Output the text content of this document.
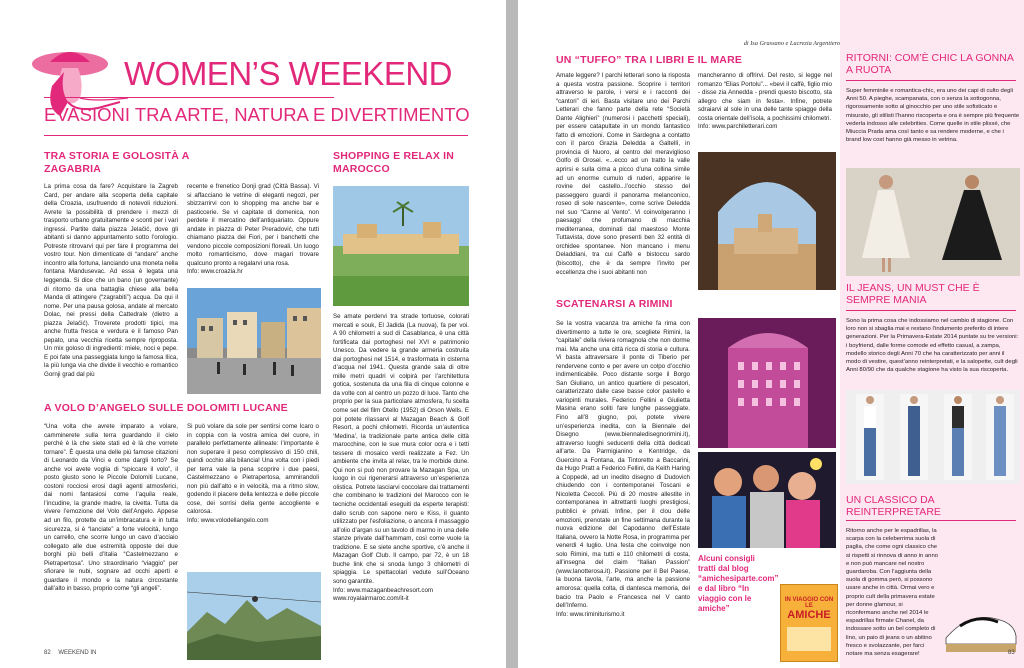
WOMEN’S WEEKEND
EVASIONI TRA ARTE, NATURA E DIVERTIMENTO
TRA STORIA E GOLOSITÀ A ZAGABRIA
La prima cosa da fare? Acquistare la Zagreb Card, per andare alla scoperta della capitale della Croazia, usufruendo di notevoli riduzioni. Avrete la possibilità di prendere i mezzi di trasporto urbano gratuitamente e sconti per i vari ingressi. Partite dalla piazza Jelačić, dove gli abitanti si danno appuntamento sotto l’orologio. Potreste ritrovarvi qui per fare il programma del vostro tour. Non dimenticate di “andare” anche incontro alla fortuna, lanciando una moneta nella fontana Mandusevac. Ad essa è legata una leggenda. Si dice che un bano (un governante) di ritorno da una battaglia chiese alla bella Manda di attingere (“zagrabiti”) acqua. Da qui il nome. Per una pausa golosa, andate al mercato Dolac, nei pressi della Cattedrale (dietro a piazza Jelačić). Troverete prodotti tipici, ma anche frutta fresca e verdura e il famoso Pan pepato, una vecchia ricetta sempre riproposta. Un mix goloso di ingredienti: miele, noci e pepe. E poi fate una passeggiata lungo la famosa Ilica, la più lunga via che divide il vecchio e romantico Gornji grad dal più

recente e frenetico Donji grad (Città Bassa). Vi si affacciano le vetrine di eleganti negozi, per sbizzarrirvi con lo shopping ma anche bar e pasticcerie. Se vi capitate di domenica, non perdete il mercatino dell’antiquariato. Oppure andate in piazza di Peter Preradović, che tutti chiamano piazza dei Fiori, per i banchetti che vendono piccole composizioni floreali. Un luogo molto romanticismo, dove magari trovare qualcuno pronto a regalarvi una rosa.

Info: www.croazia.hr
A VOLO D’ANGELO SULLE DOLOMITI LUCANE
“Una volta che avrete imparato a volare, camminerete sulla terra guardando il cielo perché è là che siete stati ed è là che vorrete tornare”. È questa una delle più famose citazioni di Leonardo da Vinci e come dargli torto? Se anche voi avete voglia di “spiccare il volo”, il posto giusto sono le Piccole Dolomiti Lucane, costoni rocciosi erosi dagli agenti atmosferici, dai nomi fantasiosi come l’aquila reale, l’incudine, la grande madre, la civetta. Tutta da vivere l’emozione del Volo dell’Angelo. Appese ad un filo, protette da un’imbracatura e in tutta sicurezza, si è “lanciate” a forte velocità, lungo un carrello, che scorre lungo un cavo d’acciaio collegato alle due estremità opposte dei due borghi più belli d’Italia “Castelmezzano e Pietrapertosa”. Uno straordinario “viaggio” per sfiorare le nubi, sognare ad occhi aperti e guardare il mondo e la natura circostante dall’alto in basso, proprio come “gli angeli”.

Si può volare da sole per sentirsi come Icaro o in coppia con la vostra amica del cuore, in parallelo perfettamente allineate: l’importante è non superare il peso complessivo di 150 chili, quindi occhio alla bilancia! Una volta con i piedi per terra vale la pena scoprire i due paesi, Castelmezzano e Pietrapertosa, ammirandoli non più dall’alto e in velocità, ma a ritmo slow, godendo il piacere della lentezza e delle piccole cose, dei sorrisi della gente accogliente e calorosa.

Info: www.volodellangelo.com
SHOPPING E RELAX IN MAROCCO

Se amate perdervi tra strade tortuose, colorati mercati e souk, El Jadida (La nuova), fa per voi. A 90 chilometri a sud di Casablanca, è una città fortificata dai portoghesi nel XVI e patrimonio Unesco. Da vedere la grande armeria costruita dai portoghesi nel 1514, e trasformata in cisterna d’acqua nel 1941. Questa grande sala di oltre mille metri quadri vi colpirà per l’architettura gotica, sostenuta da una fila di cinque colonne e da volte con al centro un pozzo di luce. Tanto che proprio per la sua particolare atmosfera, fu scelta come set del film Otello (1952) di Orson Wells. E poi potete rilassarvi al Mazagan Beach & Golf Resort, a pochi chilometri. Ricorda un’autentica ‘Medina’, la tradizionale parte antica delle città marocchine, con le sue mura color ocra e i tetti tessere di mosaico verdi realizzate a Fez. Un ambiente che invita al relax, tra le morbide dune. Qui non si può non provare la Mazagan Spa, un luogo in cui rigenerarsi attraverso un’esperienza olistica. Potrete lasciarvi coccolare dai trattamenti che combinano le tradizioni del Marocco con le tecniche occidentali eseguiti da esperte terapisti: dallo scrub con sapone nero e Kiss, il guanto utilizzato per l’esfoliazione, o ancora il massaggio all’olio d’argan su un tavolo di marmo in una delle stanze private dall’hammam, così come vuole la tradizione. E se siete anche sportive, c’è anche il Mazagan Golf Club. Il campo, par 72, è un 18 buche link che si snoda lungo 3 chilometri di spiaggia. Le spettacolari vedute sull’Oceano sono garantite.

Info: www.mazaganbeachresort.com
www.royalairmaroc.com/it-it
82 WEEKEND IN
di Isa Grassano e Lucrezia Argentiero
UN “TUFFO” TRA I LIBRI E IL MARE
Amate leggere? I parchi letterari sono la risposta a questa vostra passione. Scoprire i territori attraverso le parole, i versi e i racconti dei “cantori” di ieri. Basta visitare uno dei Parchi Letterari che fanno parte della rete “Società Dante Alighieri” (numerosi i pacchetti speciali), per essere catapultate in un mondo fantastico fatto di emozioni. Come in Sardegna a contatto con il parco Grazia Deledda a Galtellì, in provincia di Nuoro, al centro del meraviglioso Golfo di Orosei. «...ecco ad un tratto la valle aprirsi e sulla cima a picco d’una collina simile ad un enorme cumulo di ruderi, apparire le rovine del castello...l’occhio stesso del passeggero guardi il panorama melanconico, roseo di sole nascente», come scrive Deledda nel suo “Canne al Vento”. Vi coinvolgeranno i paesaggi che profumano di macchia mediterranea, dominati dal maestoso Monte Tuttavista, dove sono presenti ben 32 entità di orchidee spontanee. Non mancano i menu Deladdiani, tra cui Caffè e bistoccu sardo (biscotto), che è da sempre l’invito per eccellenza che i suoi abitanti non

mancheranno di offrirvi. Del resto, si legge nel romanzo “Elias Portolu”... «bevi il caffè, figlio mio - disse zia Annedda - prendi questo biscotto, sta allegro che siam in festa». Infine, potrete sdraiarvi al sole in una delle tante spiagge della costa orientale dell’isola, a pochissimi chilometri.

Info: www.parchiletterari.com
SCATENARSI A RIMINI

Se la vostra vacanza tra amiche fa rima con divertimento a tutte le ore, scegliete Rimini, la “capitale” della riviera romagnola che non dorme mai. Ma anche una città ricca di storia e cultura. Vi basta attraversare il ponte di Tiberio per rendervene conto e per avere un colpo d’occhio indimenticabile. Poco distante sorge il Borgo San Giuliano, un antico quartiere di pescatori, caratterizzato dalle case basse color pastello e variopinti murales. Federico Fellini e Giulietta Masina erano soliti fare lunghe passeggiate. Fino all’8 giugno, poi, potete vivere un’esperienza inedita, con la Biennale del Disegno (www.biennaledisegnorimini.it), attraverso luoghi seducenti della città dedicati all’arte. Da Parmigianino e Kentridge, da Guercino a Fontana, da Tintoretto a Baccarini, da Hugo Pratt a Federico Fellini, da Keith Haring a Coppedè, ad un inedito disegno di Dudovich chiudendo con i contemporanei Toscani e Nicoletta Ceccoli. Più di 20 mostre allestite in contemporanea in altrettanti luoghi prestigiosi, pubblici e privati. Infine, per il clou delle emozioni, prenotate un fine settimana durante la nuova edizione del Capodanno dell’Estate Italiana, ovvero la Notte Rosa, in programma per venerdì 4 luglio. Una festa che coinvolge non solo Rimini, ma tutti e 110 chilometri di costa, all’insegna del claim “Italian Passion” (www.lanotterosa.it). Passione per il Bel Paese, la buona tavola, l’arte, ma anche la passione amorosa: quella colta, di dantesca memoria, del bacio tra Paolo e Francesca nel V canto dell’Inferno.

Info: www.riminiturismo.it
Alcuni consigli tratti dal blog “amichesiparte.com” e dal libro “In viaggio con le amiche”
IN VIAGGIO CON LE
AMICHE
RITORNI: COM’È CHIC LA GONNA A RUOTA
Super femminile e romantica-chic, era uno dei capi di culto degli Anni 50. A pieghe, scampanata, con o senza la sottogonna, rigorosamente sotto al ginocchio per uno stile sofisticato e misurato, gli stilisti l’hanno riscoperta e ora è sempre più frequente vederla indosso alle celebrities. Come quelle in stile plissé, che Miuccia Prada ama così tanto e sa rendere moderne, e che i brand low cost hanno già messo in vetrina.
IL JEANS, UN MUST CHE È SEMPRE MANIA
Sono la prima cosa che indossiamo nel cambio di stagione. Con loro non si sbaglia mai e restano l’indumento preferito di intere generazioni. Per la Primavera-Estate 2014 puntate su tre versioni: i boyfriend, dalle forme comode ed effetto casual, a zampa, modello storico degli Anni 70 che ha caratterizzato per anni il modo di vestire, quest’anno reinterpretati, e la salopette, cult degli Anni 80/90 che da qualche stagione ha visto la sua riscoperta.
UN CLASSICO DA REINTERPRETARE
Ritorno anche per le espadrillas, la scarpa con la celeberrima suola di paglia, che come ogni classico che si rispetti si rinnova di anno in anno e non può mancare nel nostro guardaroba. Con l’aggiunta della suola di gomma però, si possono usare anche in città. Ormai vero e proprio cult della primavera estate per donne glamour, si riconfermano anche nel 2014 le espadrillas firmate Chanel, da indossare sotto un bel completo di lino, un paio di jeans o un abitino fresco e svolazzante, per farci notare ma senza esagerare!	83
